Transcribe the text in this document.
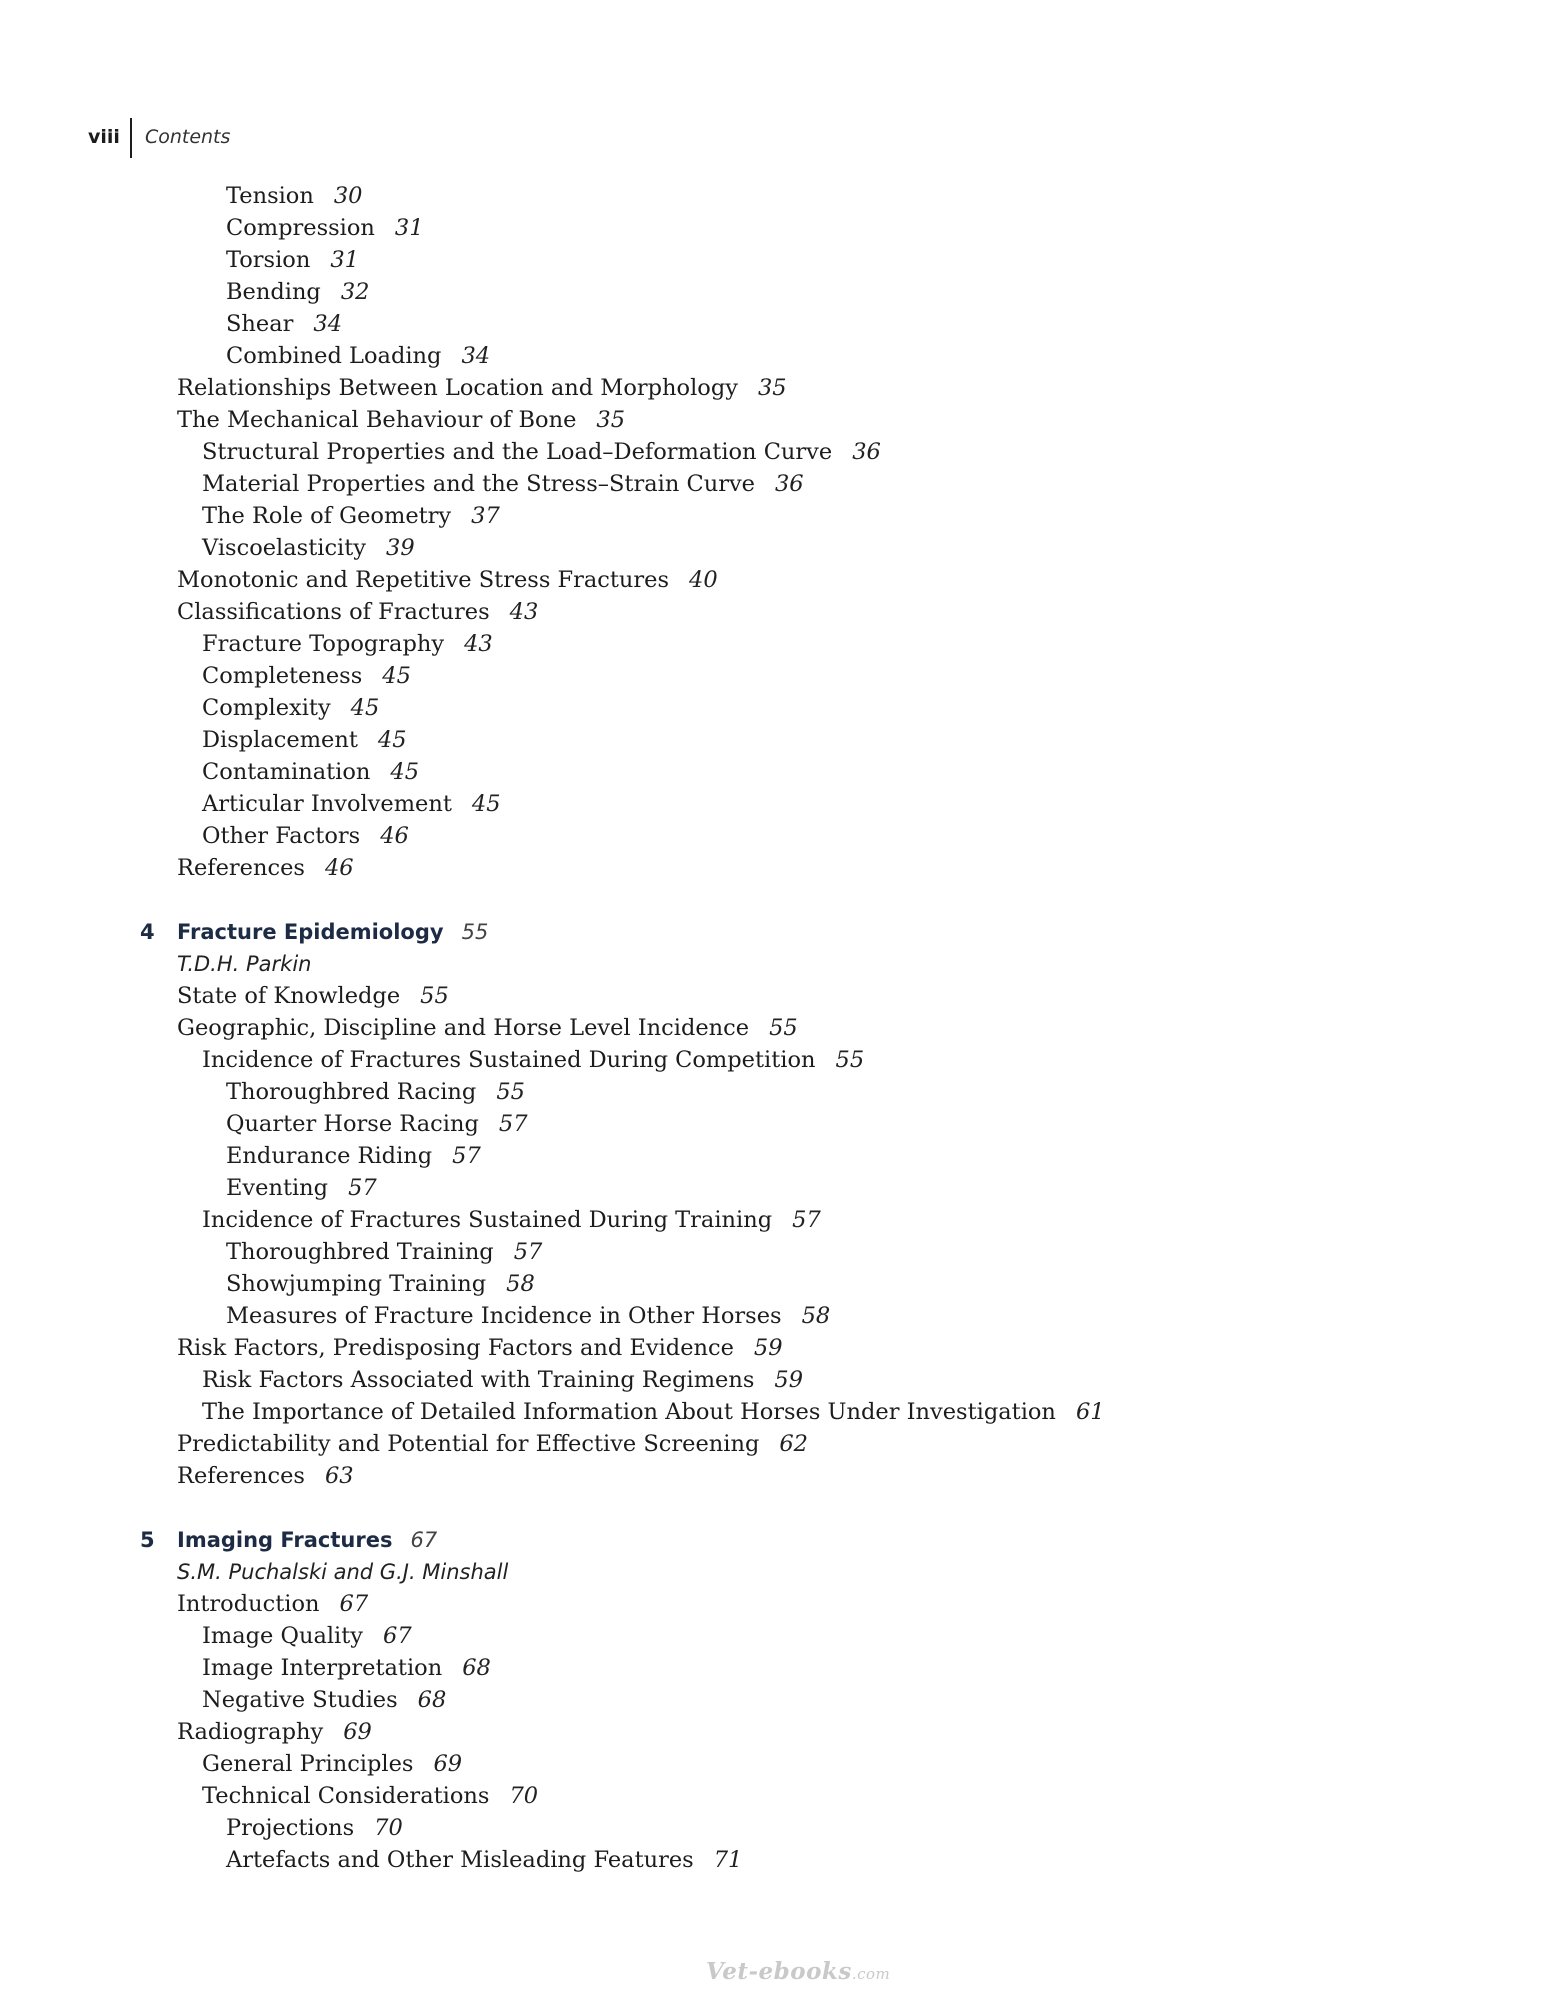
viii	Contents
Tension 30
Compression 31
Torsion 31
Bending 32
Shear 34
Combined Loading 34
Relationships Between Location and Morphology 35
The Mechanical Behaviour of Bone 35
Structural Properties and the Load–Deformation Curve 36
Material Properties and the Stress–Strain Curve 36
The Role of Geometry 37
Viscoelasticity 39
Monotonic and Repetitive Stress Fractures 40
Classifications of Fractures 43
Fracture Topography 43
Completeness 45
Complexity 45
Displacement 45
Contamination 45
Articular Involvement 45
Other Factors 46
References 46
4 Fracture Epidemiology 55
T.D.H. Parkin
State of Knowledge 55
Geographic, Discipline and Horse Level Incidence 55
Incidence of Fractures Sustained During Competition 55
Thoroughbred Racing 55
Quarter Horse Racing 57
Endurance Riding 57
Eventing 57
Incidence of Fractures Sustained During Training 57
Thoroughbred Training 57
Showjumping Training 58
Measures of Fracture Incidence in Other Horses 58
Risk Factors, Predisposing Factors and Evidence 59
Risk Factors Associated with Training Regimens 59
The Importance of Detailed Information About Horses Under Investigation 61
Predictability and Potential for Effective Screening 62
References 63
5 Imaging Fractures 67
S.M. Puchalski and G.J. Minshall
Introduction 67
Image Quality 67
Image Interpretation 68
Negative Studies 68
Radiography 69
General Principles 69
Technical Considerations 70
Projections 70
Artefacts and Other Misleading Features 71
Vet-ebooks.com
